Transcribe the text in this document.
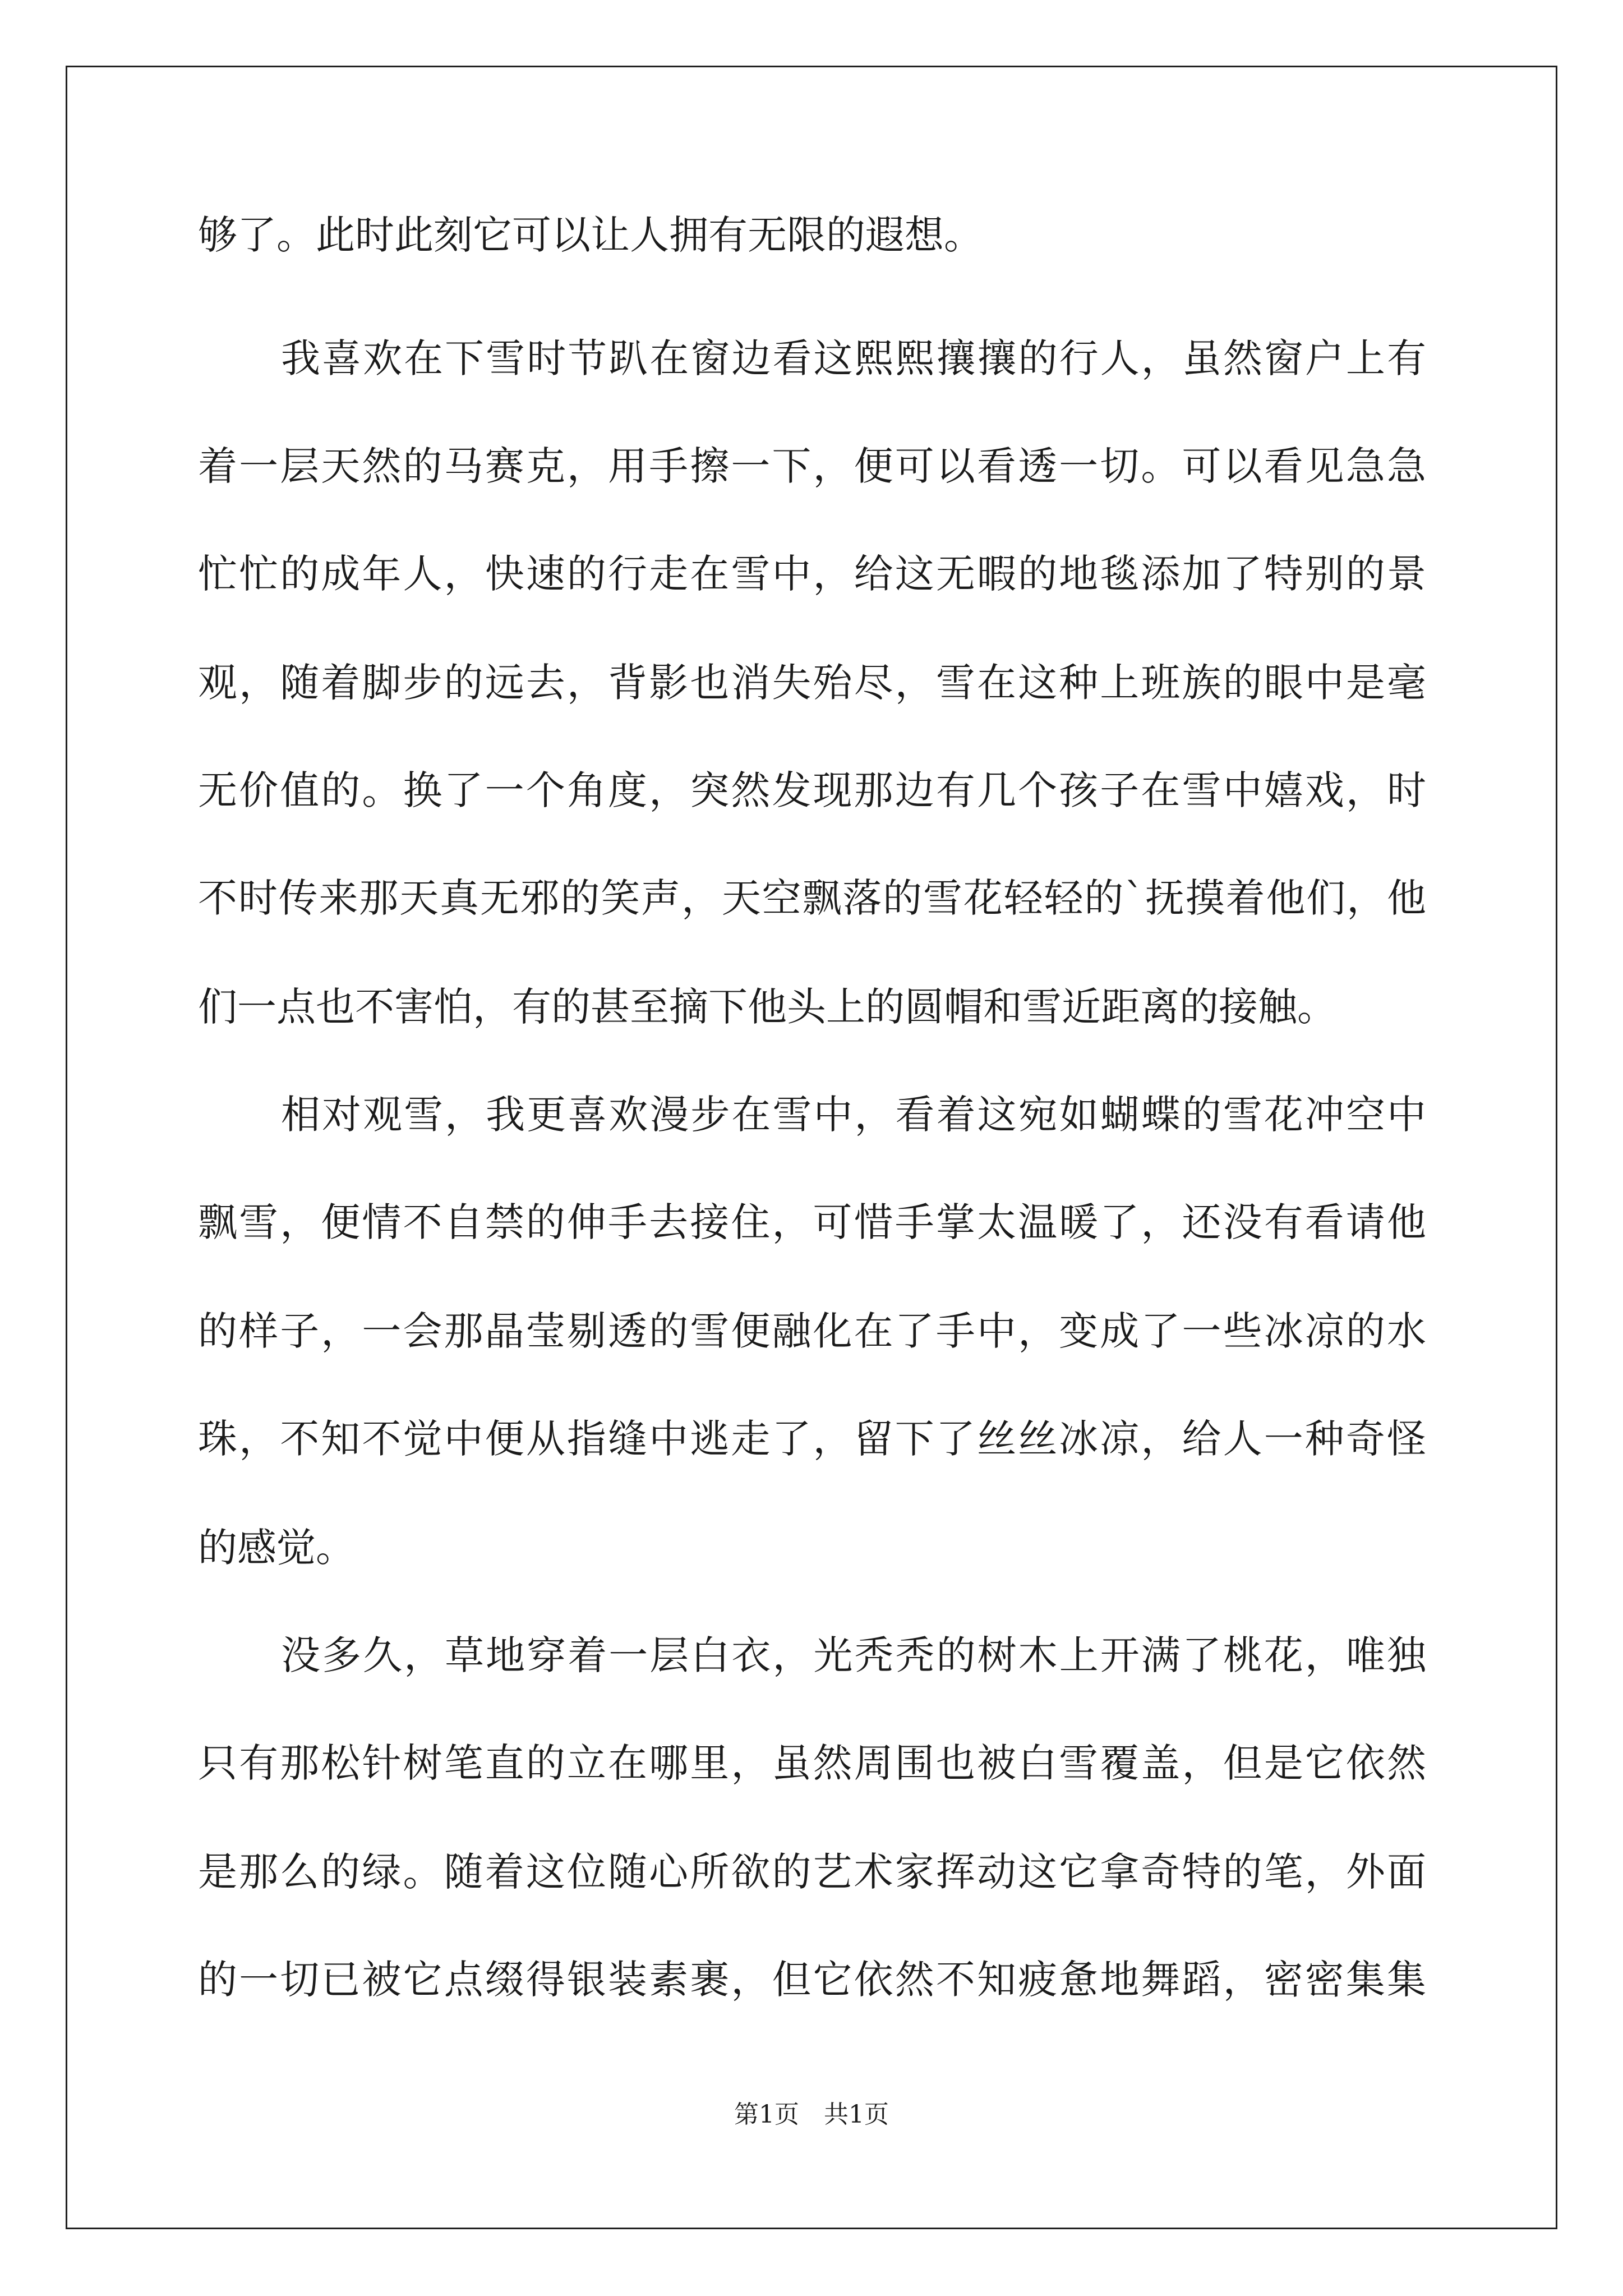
够了。此时此刻它可以让人拥有无限的遐想。
我喜欢在下雪时节趴在窗边看这熙熙攘攘的行人，虽然窗户上有
着一层天然的马赛克，用手擦一下，便可以看透一切。可以看见急急
忙忙的成年人，快速的行走在雪中，给这无暇的地毯添加了特别的景
观，随着脚步的远去，背影也消失殆尽，雪在这种上班族的眼中是毫
无价值的。换了一个角度，突然发现那边有几个孩子在雪中嬉戏，时
不时传来那天真无邪的笑声，天空飘落的雪花轻轻的`抚摸着他们，他
们一点也不害怕，有的甚至摘下他头上的圆帽和雪近距离的接触。
相对观雪，我更喜欢漫步在雪中，看着这宛如蝴蝶的雪花冲空中
飘雪，便情不自禁的伸手去接住，可惜手掌太温暖了，还没有看请他
的样子，一会那晶莹剔透的雪便融化在了手中，变成了一些冰凉的水
珠，不知不觉中便从指缝中逃走了，留下了丝丝冰凉，给人一种奇怪
的感觉。
没多久，草地穿着一层白衣，光秃秃的树木上开满了桃花，唯独
只有那松针树笔直的立在哪里，虽然周围也被白雪覆盖，但是它依然
是那么的绿。随着这位随心所欲的艺术家挥动这它拿奇特的笔，外面
的一切已被它点缀得银装素裹，但它依然不知疲惫地舞蹈，密密集集
第1页　共1页
